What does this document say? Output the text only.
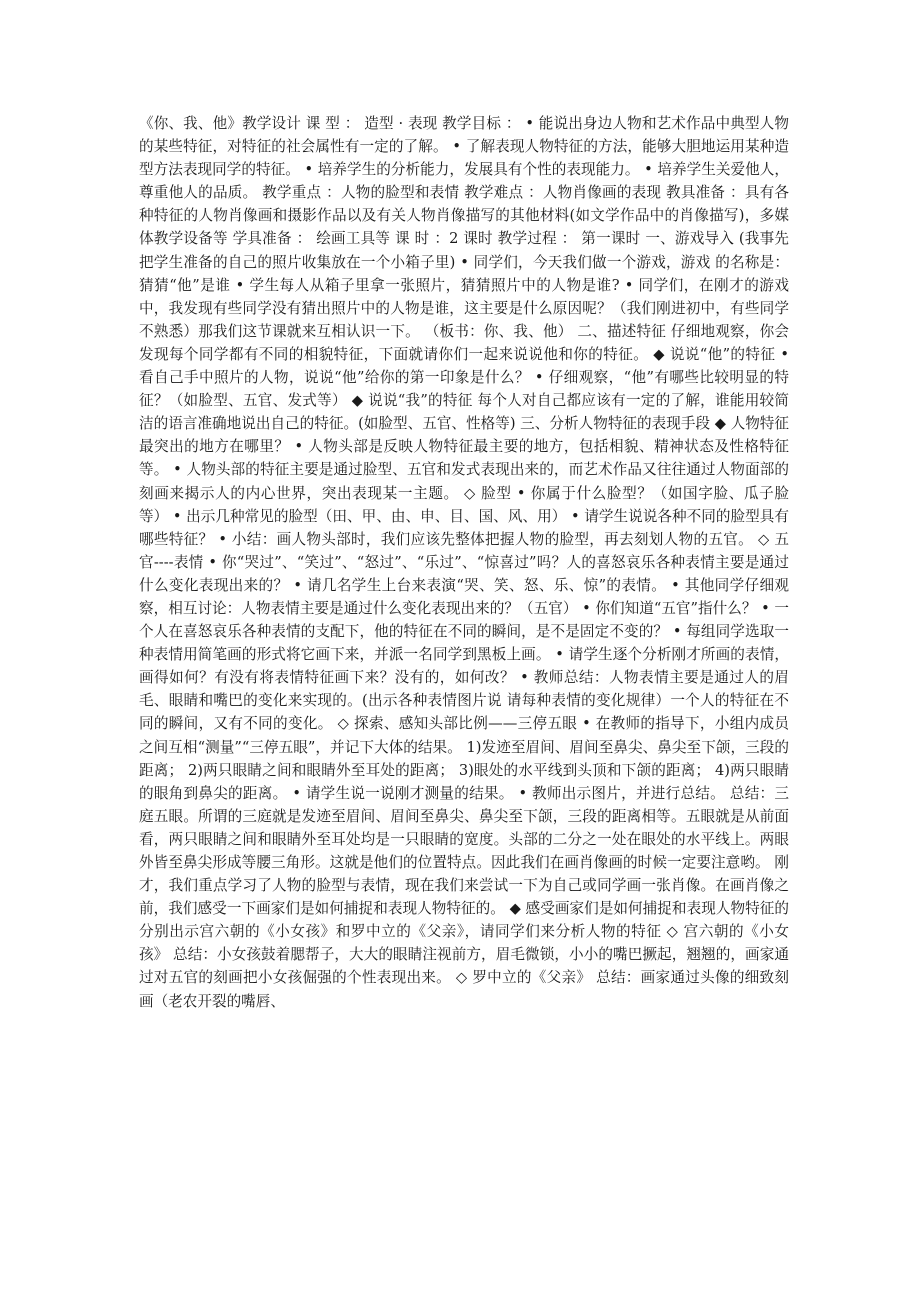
《你、我、他》教学设计 课 型 ： 造型 · 表现 教学目标 ： • 能说出身边人物和艺术作品中典型人物的某些特征，对特征的社会属性有一定的了解。 • 了解表现人物特征的方法，能够大胆地运用某种造型方法表现同学的特征。 • 培养学生的分析能力，发展具有个性的表现能力。 • 培养学生关爱他人，尊重他人的品质。 教学重点 ：人物的脸型和表情 教学难点 ：人物肖像画的表现 教具准备 ：具有各种特征的人物肖像画和摄影作品以及有关人物肖像描写的其他材料(如文学作品中的肖像描写)，多媒体教学设备等 学具准备 ： 绘画工具等 课 时 ：2 课时 教学过程 ： 第一课时 一、游戏导入 (我事先把学生准备的自己的照片收集放在一个小箱子里) • 同学们，今天我们做一个游戏，游戏 的名称是： 猜猜“他”是谁 • 学生每人从箱子里拿一张照片，猜猜照片中的人物是谁? • 同学们，在刚才的游戏中，我发现有些同学没有猜出照片中的人物是谁，这主要是什么原因呢？（我们刚进初中，有些同学不熟悉）那我们这节课就来互相认识一下。 （板书：你、我、他） 二、描述特征 仔细地观察，你会发现每个同学都有不同的相貌特征，下面就请你们一起来说说他和你的特征。 ◆ 说说“他”的特征 • 看自己手中照片的人物，说说“他”给你的第一印象是什么？ • 仔细观察，“他”有哪些比较明显的特征？（如脸型、五官、发式等） ◆ 说说“我”的特征 每个人对自己都应该有一定的了解，谁能用较简洁的语言准确地说出自己的特征。(如脸型、五官、性格等) 三、分析人物特征的表现手段 ◆ 人物特征最突出的地方在哪里？ • 人物头部是反映人物特征最主要的地方，包括相貌、精神状态及性格特征等。 • 人物头部的特征主要是通过脸型、五官和发式表现出来的，而艺术作品又往往通过人物面部的刻画来揭示人的内心世界，突出表现某一主题。 ◇ 脸型 • 你属于什么脸型？（如国字脸、瓜子脸等） • 出示几种常见的脸型（田、甲、由、申、目、国、风、用） • 请学生说说各种不同的脸型具有哪些特征？ • 小结：画人物头部时，我们应该先整体把握人物的脸型，再去刻划人物的五官。 ◇ 五官----表情 • 你“哭过”、“笑过”、“怒过”、“乐过”、“惊喜过”吗？人的喜怒哀乐各种表情主要是通过什么变化表现出来的？ • 请几名学生上台来表演“哭、笑、怒、乐、惊”的表情。 • 其他同学仔细观察，相互讨论：人物表情主要是通过什么变化表现出来的？（五官） • 你们知道“五官”指什么？ • 一个人在喜怒哀乐各种表情的支配下，他的特征在不同的瞬间，是不是固定不变的？ • 每组同学选取一种表情用简笔画的形式将它画下来，并派一名同学到黑板上画。 • 请学生逐个分析刚才所画的表情，画得如何？有没有将表情特征画下来？没有的，如何改？ • 教师总结：人物表情主要是通过人的眉毛、眼睛和嘴巴的变化来实现的。(出示各种表情图片说 请每种表情的变化规律）一个人的特征在不同的瞬间，又有不同的变化。 ◇ 探索、感知头部比例——三停五眼 • 在教师的指导下，小组内成员之间互相“测量”“三停五眼”，并记下大体的结果。 1)发迹至眉间、眉间至鼻尖、鼻尖至下颌，三段的距离； 2)两只眼睛之间和眼睛外至耳处的距离； 3)眼处的水平线到头顶和下颌的距离； 4)两只眼睛的眼角到鼻尖的距离。 • 请学生说一说刚才测量的结果。 • 教师出示图片，并进行总结。 总结：三庭五眼。所谓的三庭就是发迹至眉间、眉间至鼻尖、鼻尖至下颌，三段的距离相等。五眼就是从前面看，两只眼睛之间和眼睛外至耳处均是一只眼睛的宽度。头部的二分之一处在眼处的水平线上。两眼外皆至鼻尖形成等腰三角形。这就是他们的位置特点。因此我们在画肖像画的时候一定要注意哟。 刚才，我们重点学习了人物的脸型与表情，现在我们来尝试一下为自己或同学画一张肖像。在画肖像之前，我们感受一下画家们是如何捕捉和表现人物特征的。 ◆ 感受画家们是如何捕捉和表现人物特征的 分别出示宫六朝的《小女孩》和罗中立的《父亲》，请同学们来分析人物的特征 ◇ 宫六朝的《小女孩》 总结：小女孩鼓着腮帮子，大大的眼睛注视前方，眉毛微锁，小小的嘴巴撅起，翘翘的，画家通过对五官的刻画把小女孩倔强的个性表现出来。 ◇ 罗中立的《父亲》 总结：画家通过头像的细致刻画（老农开裂的嘴唇、
